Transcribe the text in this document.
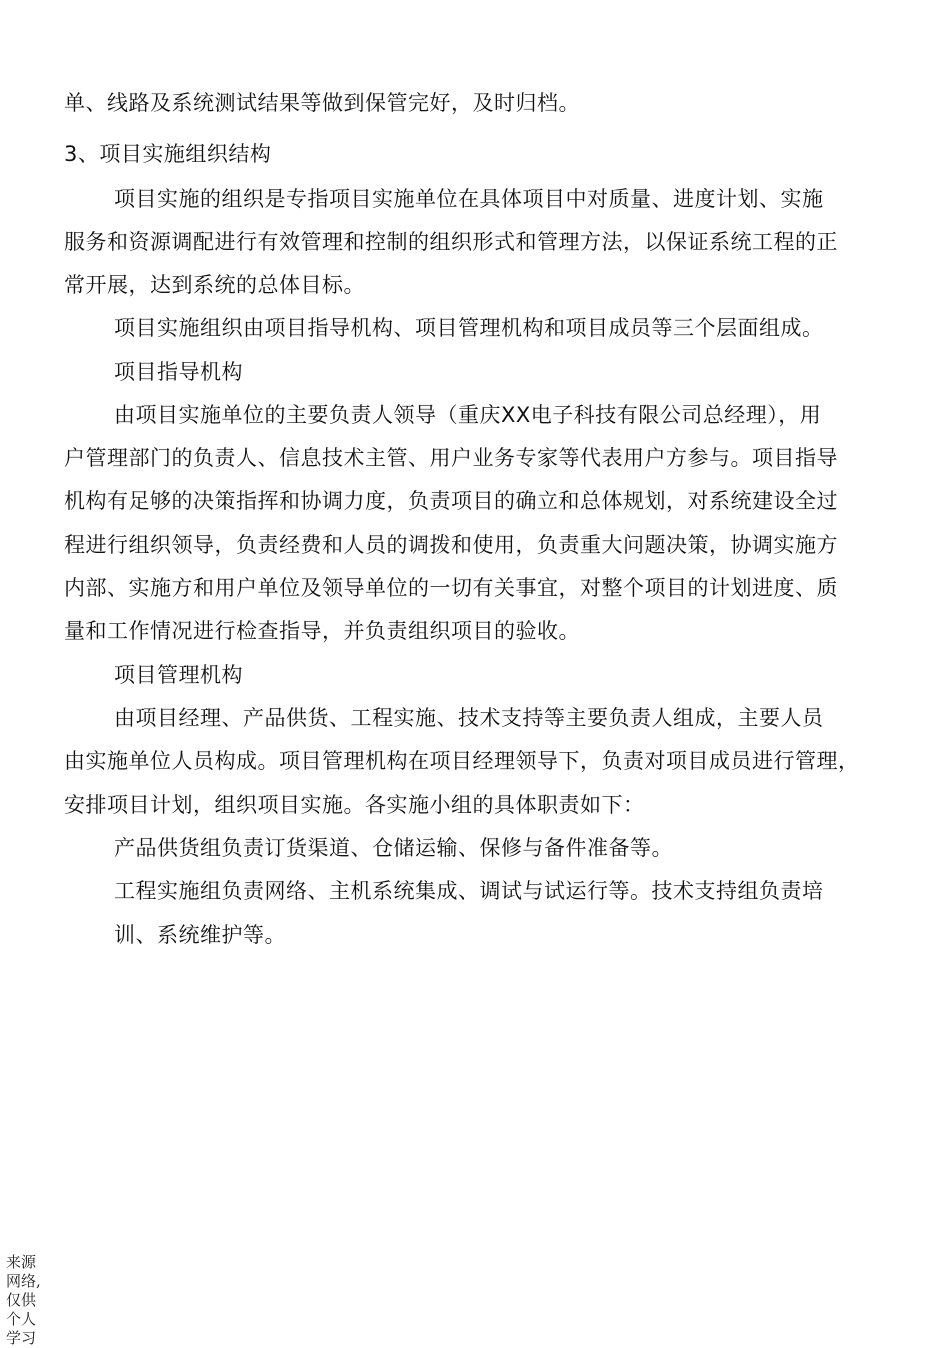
单、线路及系统测试结果等做到保管完好，及时归档。
3、项目实施组织结构
项目实施的组织是专指项目实施单位在具体项目中对质量、进度计划、实施
服务和资源调配进行有效管理和控制的组织形式和管理方法，以保证系统工程的正
常开展，达到系统的总体目标。
项目实施组织由项目指导机构、项目管理机构和项目成员等三个层面组成。
项目指导机构
由项目实施单位的主要负责人领导（重庆XX电子科技有限公司总经理），用
户管理部门的负责人、信息技术主管、用户业务专家等代表用户方参与。项目指导
机构有足够的决策指挥和协调力度，负责项目的确立和总体规划，对系统建设全过
程进行组织领导，负责经费和人员的调拨和使用，负责重大问题决策，协调实施方
内部、实施方和用户单位及领导单位的一切有关事宜，对整个项目的计划进度、质
量和工作情况进行检查指导，并负责组织项目的验收。
项目管理机构
由项目经理、产品供货、工程实施、技术支持等主要负责人组成，主要人员
由实施单位人员构成。项目管理机构在项目经理领导下，负责对项目成员进行管理，
安排项目计划，组织项目实施。各实施小组的具体职责如下：
产品供货组负责订货渠道、仓储运输、保修与备件准备等。
工程实施组负责网络、主机系统集成、调试与试运行等。技术支持组负责培
训、系统维护等。
来源
网络,
仅供
个人
学习
